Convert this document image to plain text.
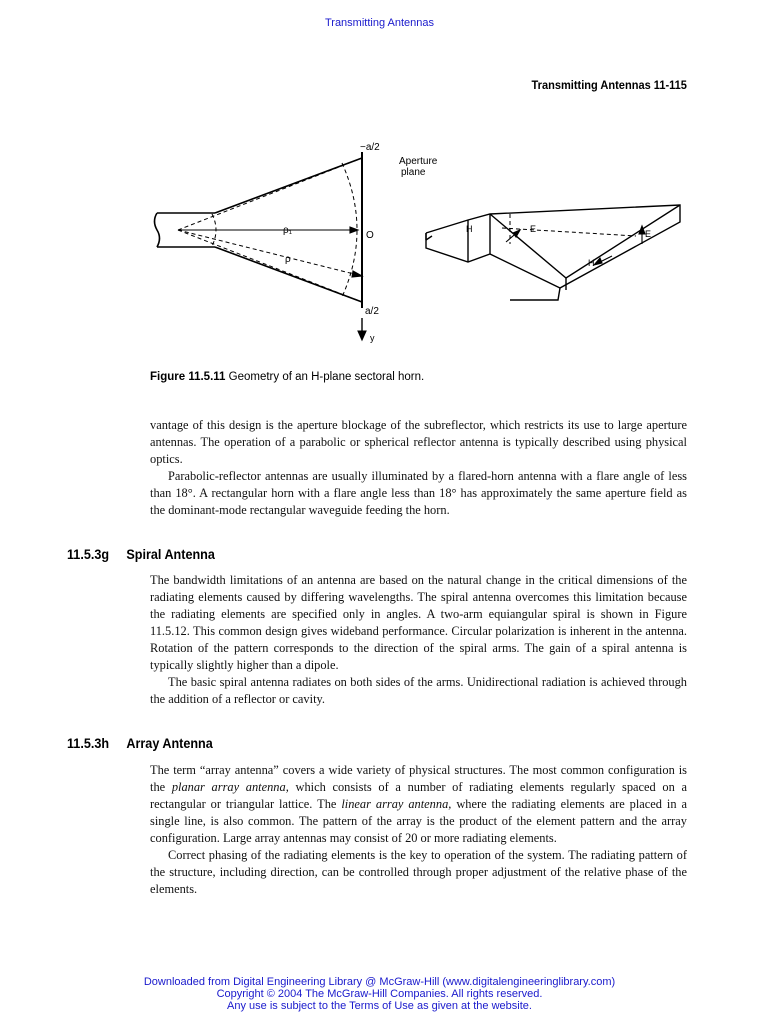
Transmitting Antennas
Transmitting Antennas 11-115
−a/2
Aperture
plane
ρ₁
ρ
O
a/2
y
H	E	E
H
Figure 11.5.11 Geometry of an H-plane sectoral horn.

vantage of this design is the aperture blockage of the subreflector, which restricts its use to large aperture antennas. The operation of a parabolic or spherical reflector antenna is typically described using physical optics.

Parabolic-reflector antennas are usually illuminated by a flared-horn antenna with a flare angle of less than 18°. A rectangular horn with a flare angle less than 18° has approximately the same aperture field as the dominant-mode rectangular waveguide feeding the horn.

11.5.3g Spiral Antenna

The bandwidth limitations of an antenna are based on the natural change in the critical dimensions of the radiating elements caused by differing wavelengths. The spiral antenna overcomes this limitation because the radiating elements are specified only in angles. A two-arm equiangular spiral is shown in Figure 11.5.12. This common design gives wideband performance. Circular polarization is inherent in the antenna. Rotation of the pattern corresponds to the direction of the spiral arms. The gain of a spiral antenna is typically slightly higher than a dipole.

The basic spiral antenna radiates on both sides of the arms. Unidirectional radiation is achieved through the addition of a reflector or cavity.

11.5.3h Array Antenna

The term “array antenna” covers a wide variety of physical structures. The most common configuration is the planar array antenna, which consists of a number of radiating elements regularly spaced on a rectangular or triangular lattice. The linear array antenna, where the radiating elements are placed in a single line, is also common. The pattern of the array is the product of the element pattern and the array configuration. Large array antennas may consist of 20 or more radiating elements.

Correct phasing of the radiating elements is the key to operation of the system. The radiating pattern of the structure, including direction, can be controlled through proper adjustment of the relative phase of the elements.

Downloaded from Digital Engineering Library @ McGraw-Hill (www.digitalengineeringlibrary.com)
Copyright © 2004 The McGraw-Hill Companies. All rights reserved.
Any use is subject to the Terms of Use as given at the website.
